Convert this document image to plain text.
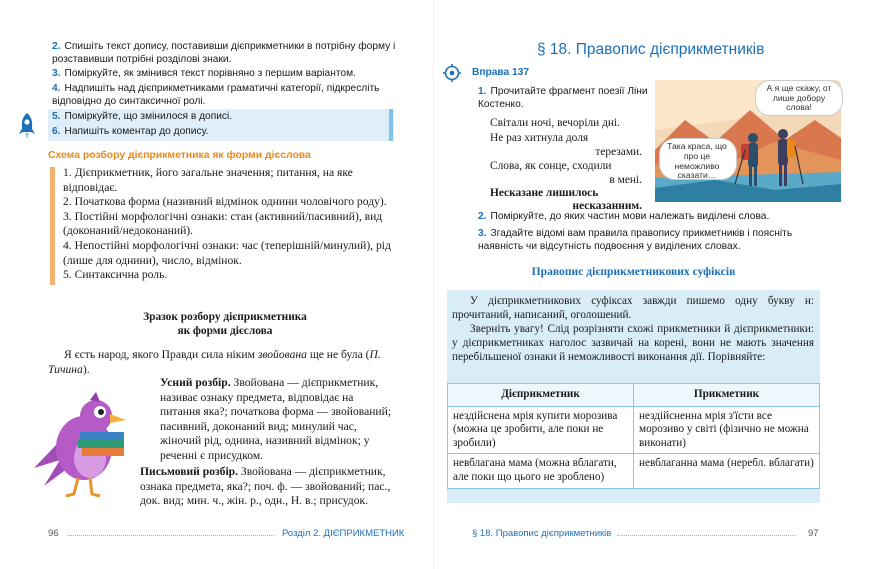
2. Спишіть текст допису, поставивши дієприкметники в потрібну форму і розставивши потрібні розділові знаки.
3. Поміркуйте, як змінився текст порівняно з першим варіантом.
4. Надпишіть над дієприкметниками граматичні категорії, підкресліть відповідно до синтаксичної ролі.
5. Поміркуйте, що змінилося в дописі.
6. Напишіть коментар до допису.
Схема розбору дієприкметника як форми дієслова
1. Дієприкметник, його загальне значення; питання, на яке відповідає.
2. Початкова форма (називний відмінок однини чоловічого роду).
3. Постійні морфологічні ознаки: стан (активний/пасивний), вид (доконаний/недоконаний).
4. Непостійні морфологічні ознаки: час (теперішній/минулий), рід (лише для однини), число, відмінок.
5. Синтаксична роль.
Зразок розбору дієприкметника
як форми дієслова
Я єсть народ, якого Правди сила ніким звойована ще не була (П. Тичина).
Усний розбір. Звойована — дієприкметник, називає ознаку предмета, відповідає на питання яка?; початкова форма — звойований; пасивний, доконаний вид; минулий час, жіночий рід, однина, називний відмінок; у реченні є присудком.
Письмовий розбір. Звойована — дієприкметник, ознака предмета, яка?; поч. ф. — звойований; пас., док. вид; мин. ч., жін. р., одн., Н. в.; присудок.
96	Розділ 2. ДІЄПРИКМЕТНИК
§ 18. Правопис дієприкметників
Вправа 137
1. Прочитайте фрагмент поезії Ліни Костенко.
Світали ночі, вечоріли дні.
Не раз хитнула доля
терезами.
Слова, як сонце, сходили
в мені.
Несказане лишилось
несказанним.
А я ще скажу, от лише добору слова!
Така краса, що про це неможливо сказати…
2. Поміркуйте, до яких частин мови належать виділені слова.
3. Згадайте відомі вам правила правопису прикметників і поясніть наявність чи відсутність подвоєння у виділених словах.
Правопис дієприкметникових суфіксів
У дієприкметникових суфіксах завжди пишемо одну букву н: прочитаний, написаний, оголошений.
Зверніть увагу! Слід розрізняти схожі прикметники й дієприкметники: у дієприкметниках наголос зазвичай на корені, вони не мають значення перебільшеної ознаки й неможливості виконання дії. Порівняйте:
Дієприкметник	Прикметник
нездійснена мрія купити морозива (можна це зробити, але поки не зробили)	нездійсненна мрія з'їсти все морозиво у світі (фізично не можна виконати)
невблагана мама (можна вблагати, але поки що цього не зроблено)	невблаганна мама (неребл. вблагати)
§ 18. Правопис дієприкметників	97
